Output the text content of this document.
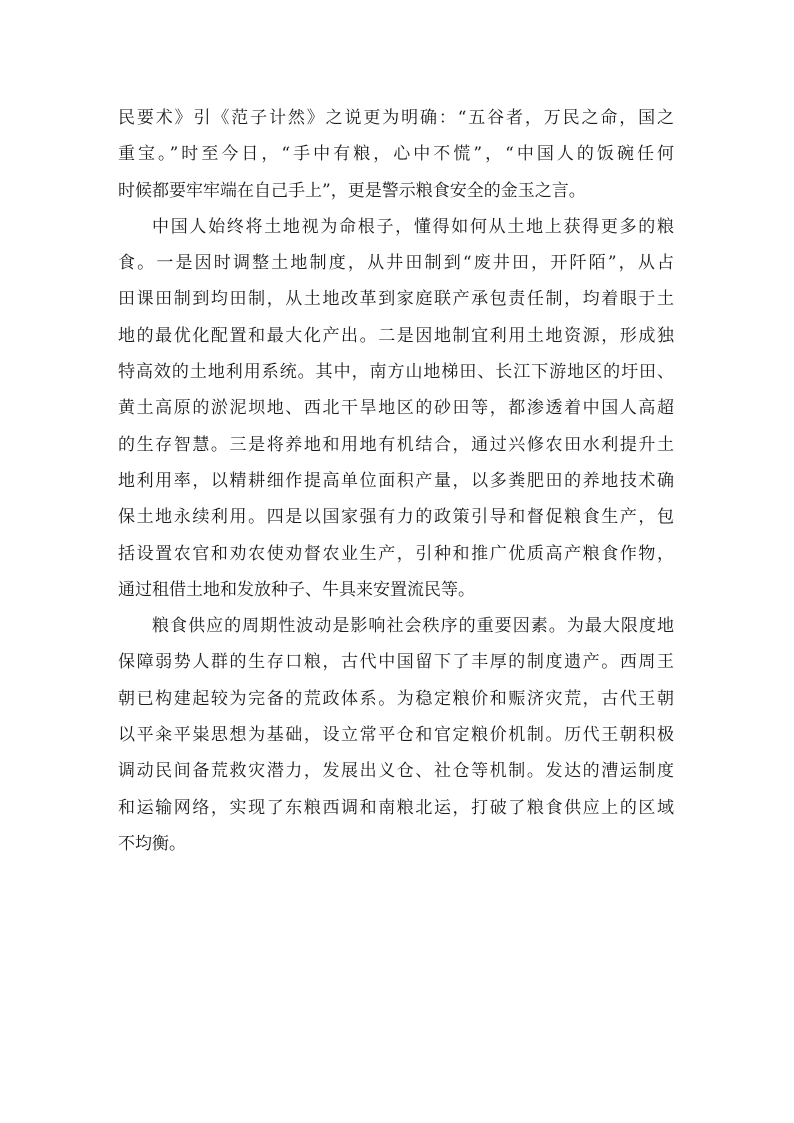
民要术》引《范子计然》之说更为明确：“五谷者，万民之命，国之
重宝。”时至今日，“手中有粮，心中不慌”，“中国人的饭碗任何
时候都要牢牢端在自己手上”，更是警示粮食安全的金玉之言。
中国人始终将土地视为命根子，懂得如何从土地上获得更多的粮
食。一是因时调整土地制度，从井田制到“废井田，开阡陌”，从占
田课田制到均田制，从土地改革到家庭联产承包责任制，均着眼于土
地的最优化配置和最大化产出。二是因地制宜利用土地资源，形成独
特高效的土地利用系统。其中，南方山地梯田、长江下游地区的圩田、
黄土高原的淤泥坝地、西北干旱地区的砂田等，都渗透着中国人高超
的生存智慧。三是将养地和用地有机结合，通过兴修农田水利提升土
地利用率，以精耕细作提高单位面积产量，以多粪肥田的养地技术确
保土地永续利用。四是以国家强有力的政策引导和督促粮食生产，包
括设置农官和劝农使劝督农业生产，引种和推广优质高产粮食作物，
通过租借土地和发放种子、牛具来安置流民等。
粮食供应的周期性波动是影响社会秩序的重要因素。为最大限度地
保障弱势人群的生存口粮，古代中国留下了丰厚的制度遗产。西周王
朝已构建起较为完备的荒政体系。为稳定粮价和赈济灾荒，古代王朝
以平籴平粜思想为基础，设立常平仓和官定粮价机制。历代王朝积极
调动民间备荒救灾潜力，发展出义仓、社仓等机制。发达的漕运制度
和运输网络，实现了东粮西调和南粮北运，打破了粮食供应上的区域
不均衡。
